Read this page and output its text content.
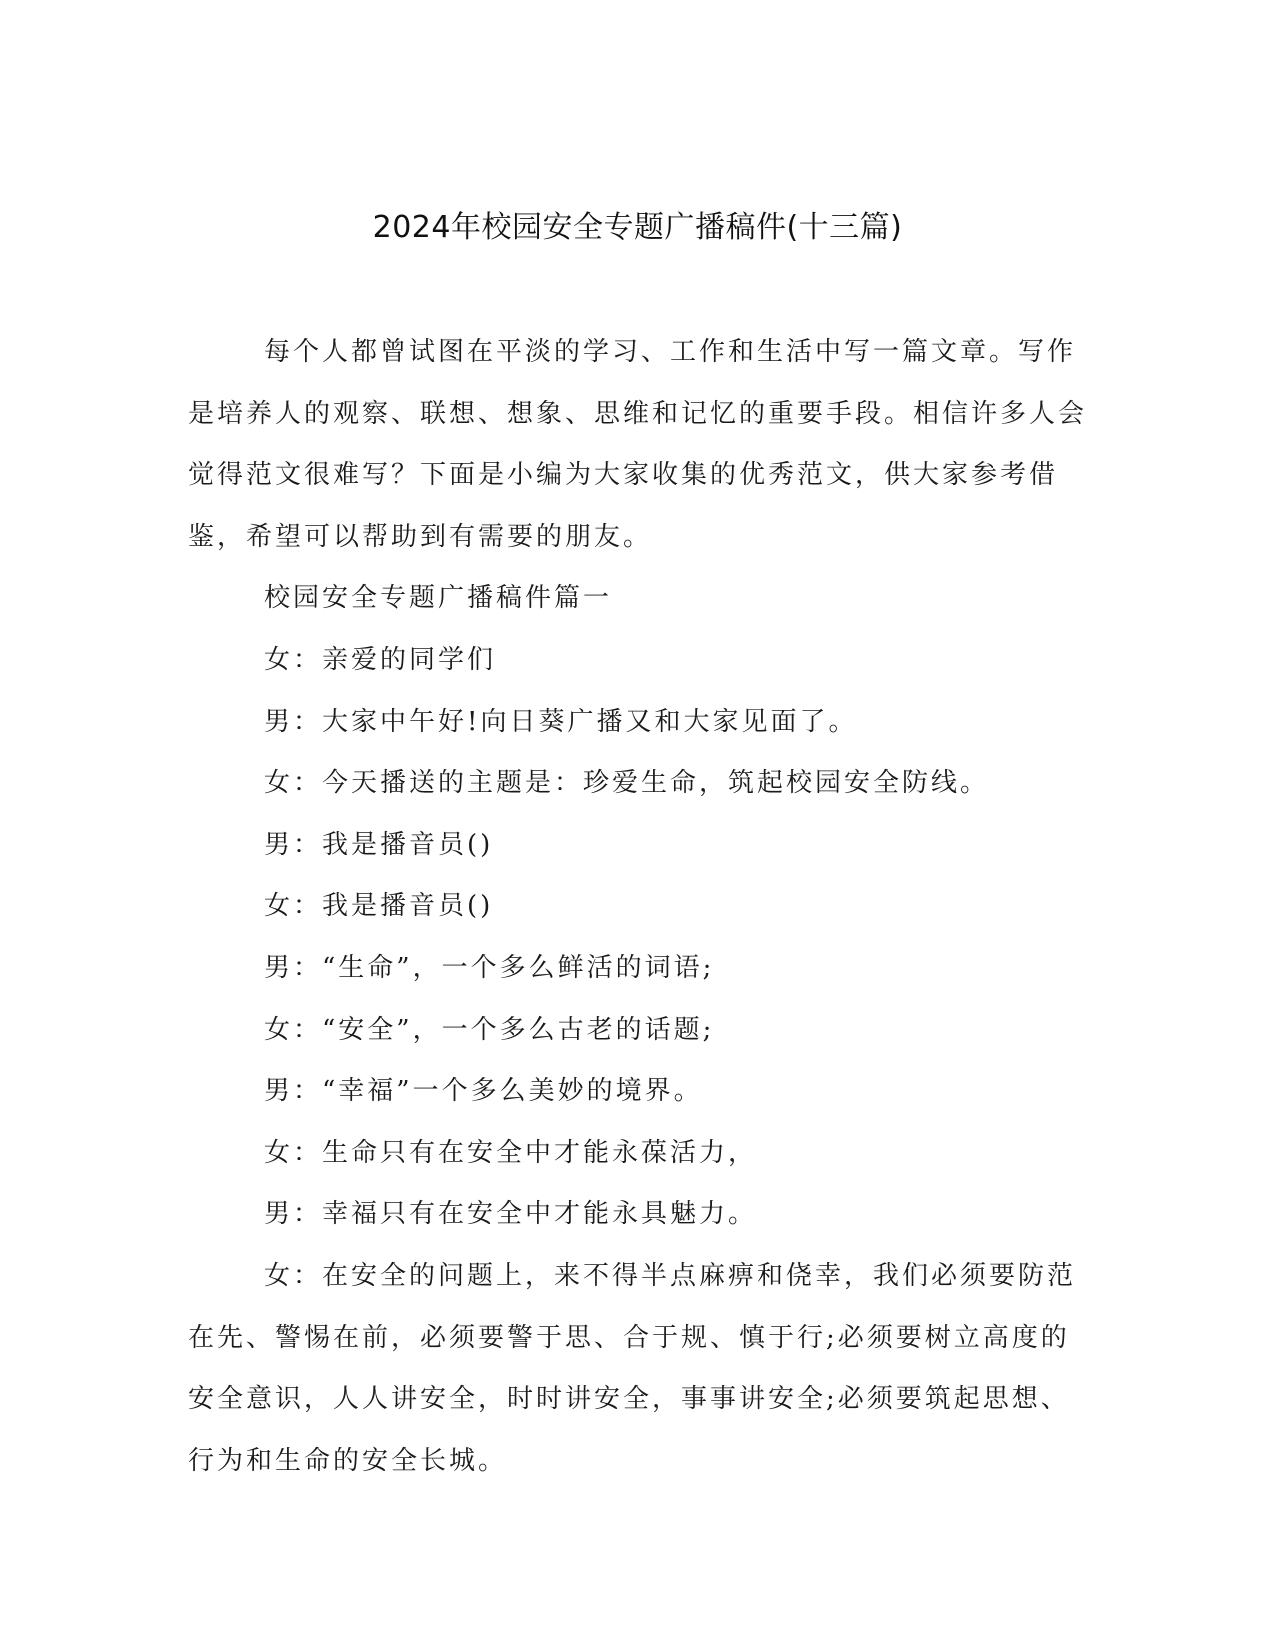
2024年校园安全专题广播稿件(十三篇)

每个人都曾试图在平淡的学习、工作和生活中写一篇文章。写作是培养人的观察、联想、想象、思维和记忆的重要手段。相信许多人会觉得范文很难写？下面是小编为大家收集的优秀范文，供大家参考借鉴，希望可以帮助到有需要的朋友。

校园安全专题广播稿件篇一

女：亲爱的同学们

男：大家中午好!向日葵广播又和大家见面了。

女：今天播送的主题是：珍爱生命，筑起校园安全防线。

男：我是播音员()

女：我是播音员()

男：“生命”，一个多么鲜活的词语;

女：“安全”，一个多么古老的话题;

男：“幸福”一个多么美妙的境界。

女：生命只有在安全中才能永葆活力，

男：幸福只有在安全中才能永具魅力。

女：在安全的问题上，来不得半点麻痹和侥幸，我们必须要防范在先、警惕在前，必须要警于思、合于规、慎于行;必须要树立高度的安全意识，人人讲安全，时时讲安全，事事讲安全;必须要筑起思想、行为和生命的安全长城。
